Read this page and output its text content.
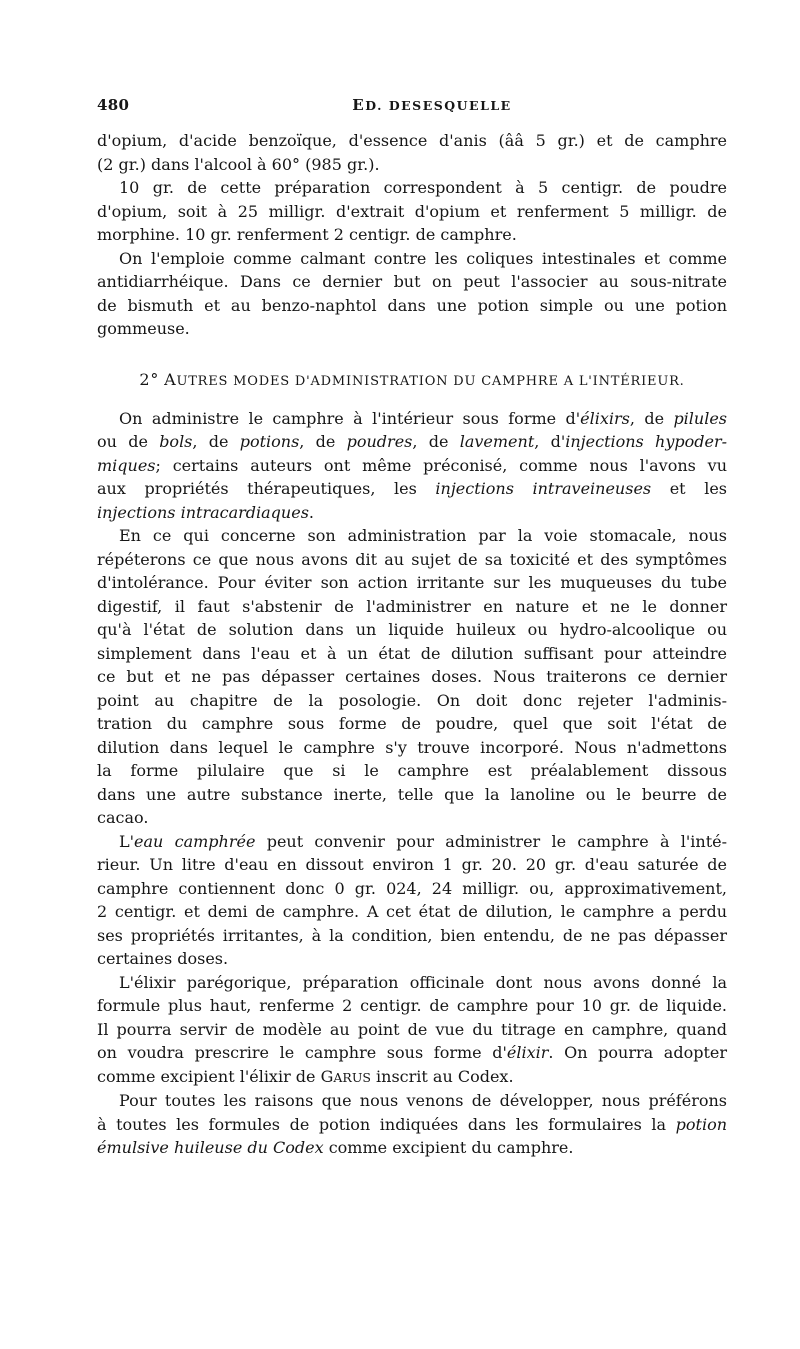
480	ED. DESESQUELLE
d'opium, d'acide benzoïque, d'essence d'anis (ââ 5 gr.) et de camphre
(2 gr.) dans l'alcool à 60° (985 gr.).
10 gr. de cette préparation correspondent à 5 centigr. de poudre
d'opium, soit à 25 milligr. d'extrait d'opium et renferment 5 milligr. de
morphine. 10 gr. renferment 2 centigr. de camphre.
On l'emploie comme calmant contre les coliques intestinales et comme
antidiarrhéique. Dans ce dernier but on peut l'associer au sous-nitrate
de bismuth et au benzo-naphtol dans une potion simple ou une potion
gommeuse.
2° AUTRES MODES D'ADMINISTRATION DU CAMPHRE A L'INTÉRIEUR.
On administre le camphre à l'intérieur sous forme d'élixirs, de pilules
ou de bols, de potions, de poudres, de lavement, d'injections hypoder-
miques; certains auteurs ont même préconisé, comme nous l'avons vu
aux propriétés thérapeutiques, les injections intraveineuses et les
injections intracardiaques.
En ce qui concerne son administration par la voie stomacale, nous
répéterons ce que nous avons dit au sujet de sa toxicité et des symptômes
d'intolérance. Pour éviter son action irritante sur les muqueuses du tube
digestif, il faut s'abstenir de l'administrer en nature et ne le donner
qu'à l'état de solution dans un liquide huileux ou hydro-alcoolique ou
simplement dans l'eau et à un état de dilution suffisant pour atteindre
ce but et ne pas dépasser certaines doses. Nous traiterons ce dernier
point au chapitre de la posologie. On doit donc rejeter l'adminis-
tration du camphre sous forme de poudre, quel que soit l'état de
dilution dans lequel le camphre s'y trouve incorporé. Nous n'admettons
la forme pilulaire que si le camphre est préalablement dissous
dans une autre substance inerte, telle que la lanoline ou le beurre de
cacao.
L'eau camphrée peut convenir pour administrer le camphre à l'inté-
rieur. Un litre d'eau en dissout environ 1 gr. 20. 20 gr. d'eau saturée de
camphre contiennent donc 0 gr. 024, 24 milligr. ou, approximativement,
2 centigr. et demi de camphre. A cet état de dilution, le camphre a perdu
ses propriétés irritantes, à la condition, bien entendu, de ne pas dépasser
certaines doses.
L'élixir parégorique, préparation officinale dont nous avons donné la
formule plus haut, renferme 2 centigr. de camphre pour 10 gr. de liquide.
Il pourra servir de modèle au point de vue du titrage en camphre, quand
on voudra prescrire le camphre sous forme d'élixir. On pourra adopter
comme excipient l'élixir de GARUS inscrit au Codex.
Pour toutes les raisons que nous venons de développer, nous préférons
à toutes les formules de potion indiquées dans les formulaires la potion
émulsive huileuse du Codex comme excipient du camphre.
